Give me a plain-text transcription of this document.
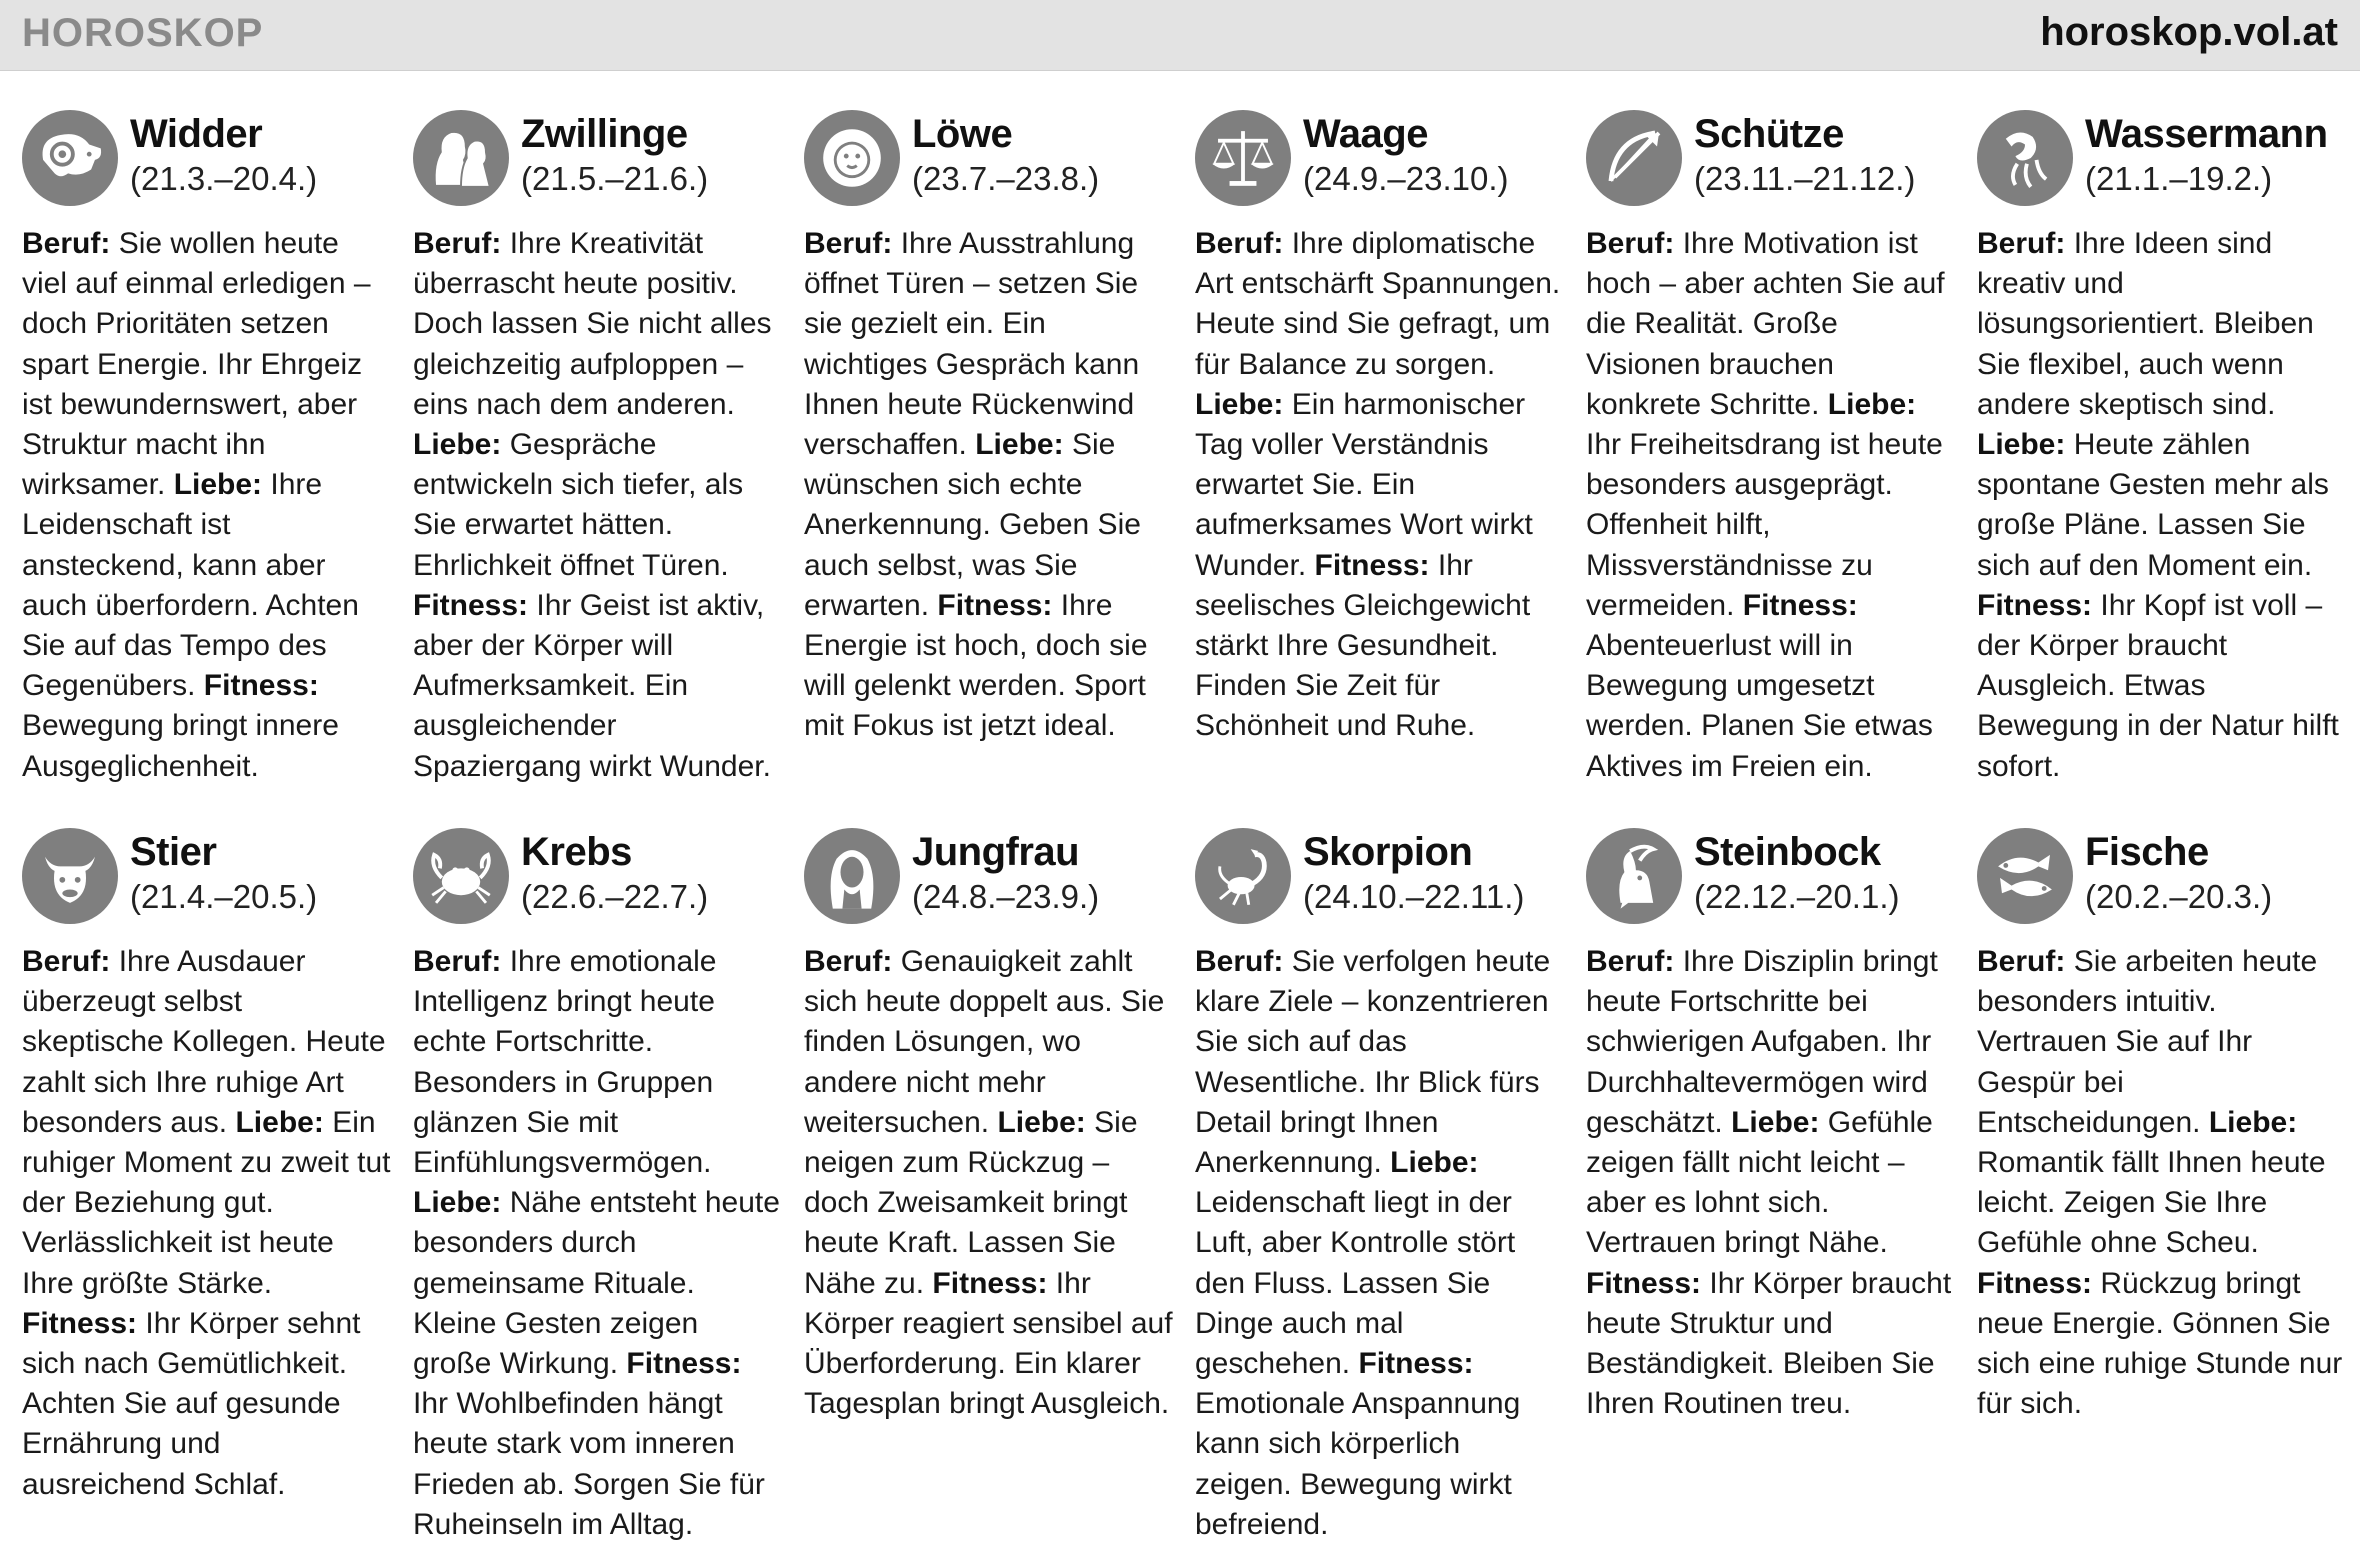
HOROSKOP	horoskop.vol.at
Widder
(21.3.–20.4.)
Beruf: Sie wollen heute viel auf einmal erledigen – doch Prioritäten setzen spart Energie. Ihr Ehrgeiz ist bewundernswert, aber Struktur macht ihn wirksamer. Liebe: Ihre Leidenschaft ist ansteckend, kann aber auch überfordern. Achten Sie auf das Tempo des Gegenübers. Fitness: Bewegung bringt innere Ausgeglichenheit.
Zwillinge
(21.5.–21.6.)
Beruf: Ihre Kreativität überrascht heute positiv. Doch lassen Sie nicht alles gleichzeitig aufploppen – eins nach dem anderen. Liebe: Gespräche entwickeln sich tiefer, als Sie erwartet hätten. Ehrlichkeit öffnet Türen. Fitness: Ihr Geist ist aktiv, aber der Körper will Aufmerksamkeit. Ein ausgleichender Spaziergang wirkt Wunder.
Löwe
(23.7.–23.8.)
Beruf: Ihre Ausstrahlung öffnet Türen – setzen Sie sie gezielt ein. Ein wichtiges Gespräch kann Ihnen heute Rückenwind verschaffen. Liebe: Sie wünschen sich echte Anerkennung. Geben Sie auch selbst, was Sie erwarten. Fitness: Ihre Energie ist hoch, doch sie will gelenkt werden. Sport mit Fokus ist jetzt ideal.
Waage
(24.9.–23.10.)
Beruf: Ihre diplomatische Art entschärft Spannungen. Heute sind Sie gefragt, um für Balance zu sorgen. Liebe: Ein harmonischer Tag voller Verständnis erwartet Sie. Ein aufmerksames Wort wirkt Wunder. Fitness: Ihr seelisches Gleichgewicht stärkt Ihre Gesundheit. Finden Sie Zeit für Schönheit und Ruhe.
Schütze
(23.11.–21.12.)
Beruf: Ihre Motivation ist hoch – aber achten Sie auf die Realität. Große Visionen brauchen konkrete Schritte. Liebe: Ihr Freiheitsdrang ist heute besonders ausgeprägt. Offenheit hilft, Missverständnisse zu vermeiden. Fitness: Abenteuerlust will in Bewegung umgesetzt werden. Planen Sie etwas Aktives im Freien ein.
Wassermann
(21.1.–19.2.)
Beruf: Ihre Ideen sind kreativ und lösungsorientiert. Bleiben Sie flexibel, auch wenn andere skeptisch sind. Liebe: Heute zählen spontane Gesten mehr als große Pläne. Lassen Sie sich auf den Moment ein. Fitness: Ihr Kopf ist voll – der Körper braucht Ausgleich. Etwas Bewegung in der Natur hilft sofort.
Stier
(21.4.–20.5.)
Beruf: Ihre Ausdauer überzeugt selbst skeptische Kollegen. Heute zahlt sich Ihre ruhige Art besonders aus. Liebe: Ein ruhiger Moment zu zweit tut der Beziehung gut. Verlässlichkeit ist heute Ihre größte Stärke. Fitness: Ihr Körper sehnt sich nach Gemütlichkeit. Achten Sie auf gesunde Ernährung und ausreichend Schlaf.
Krebs
(22.6.–22.7.)
Beruf: Ihre emotionale Intelligenz bringt heute echte Fortschritte. Besonders in Gruppen glänzen Sie mit Einfühlungsvermögen. Liebe: Nähe entsteht heute besonders durch gemeinsame Rituale. Kleine Gesten zeigen große Wirkung. Fitness: Ihr Wohlbefinden hängt heute stark vom inneren Frieden ab. Sorgen Sie für Ruheinseln im Alltag.
Jungfrau
(24.8.–23.9.)
Beruf: Genauigkeit zahlt sich heute doppelt aus. Sie finden Lösungen, wo andere nicht mehr weitersuchen. Liebe: Sie neigen zum Rückzug – doch Zweisamkeit bringt heute Kraft. Lassen Sie Nähe zu. Fitness: Ihr Körper reagiert sensibel auf Überforderung. Ein klarer Tagesplan bringt Ausgleich.
Skorpion
(24.10.–22.11.)
Beruf: Sie verfolgen heute klare Ziele – konzentrieren Sie sich auf das Wesentliche. Ihr Blick fürs Detail bringt Ihnen Anerkennung. Liebe: Leidenschaft liegt in der Luft, aber Kontrolle stört den Fluss. Lassen Sie Dinge auch mal geschehen. Fitness: Emotionale Anspannung kann sich körperlich zeigen. Bewegung wirkt befreiend.
Steinbock
(22.12.–20.1.)
Beruf: Ihre Disziplin bringt heute Fortschritte bei schwierigen Aufgaben. Ihr Durchhaltevermögen wird geschätzt. Liebe: Gefühle zeigen fällt nicht leicht – aber es lohnt sich. Vertrauen bringt Nähe. Fitness: Ihr Körper braucht heute Struktur und Beständigkeit. Bleiben Sie Ihren Routinen treu.
Fische
(20.2.–20.3.)
Beruf: Sie arbeiten heute besonders intuitiv. Vertrauen Sie auf Ihr Gespür bei Entscheidungen. Liebe: Romantik fällt Ihnen heute leicht. Zeigen Sie Ihre Gefühle ohne Scheu. Fitness: Rückzug bringt neue Energie. Gönnen Sie sich eine ruhige Stunde nur für sich.
